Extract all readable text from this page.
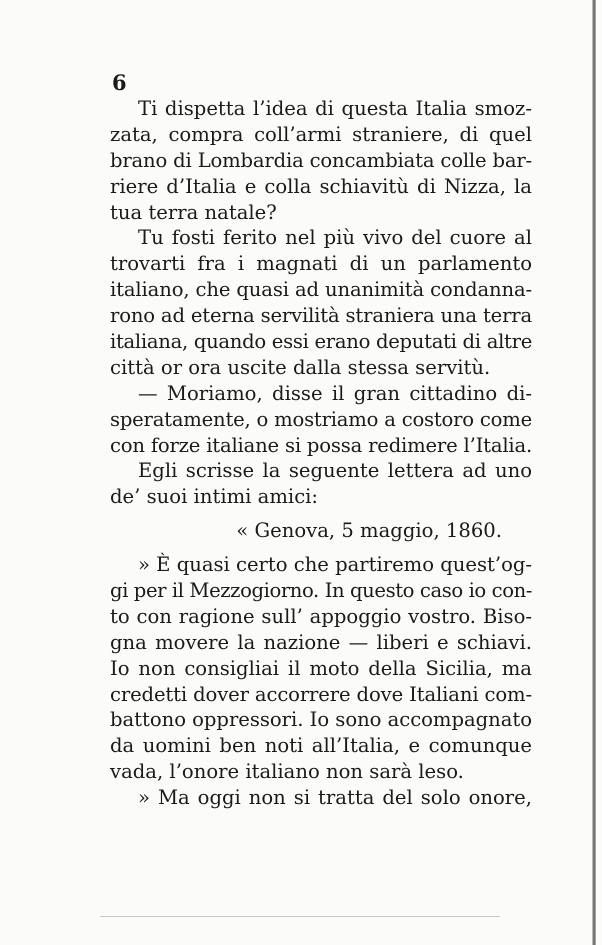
6
Ti dispetta l’idea di questa Italia smoz-
zata, compra coll’armi straniere, di quel
brano di Lombardia concambiata colle bar-
riere d’Italia e colla schiavitù di Nizza, la
tua terra natale?
Tu fosti ferito nel più vivo del cuore al
trovarti fra i magnati di un parlamento
italiano, che quasi ad unanimità condanna-
rono ad eterna servilità straniera una terra
italiana, quando essi erano deputati di altre
città or ora uscite dalla stessa servitù.
— Moriamo, disse il gran cittadino di-
speratamente, o mostriamo a costoro come
con forze italiane si possa redimere l’Italia.
Egli scrisse la seguente lettera ad uno
de’ suoi intimi amici:
« Genova, 5 maggio, 1860.
» È quasi certo che partiremo quest’og-
gi per il Mezzogiorno. In questo caso io con-
to con ragione sull’ appoggio vostro. Biso-
gna movere la nazione — liberi e schiavi.
Io non consigliai il moto della Sicilia, ma
credetti dover accorrere dove Italiani com-
battono oppressori. Io sono accompagnato
da uomini ben noti all’Italia, e comunque
vada, l’onore italiano non sarà leso.
» Ma oggi non si tratta del solo onore,
